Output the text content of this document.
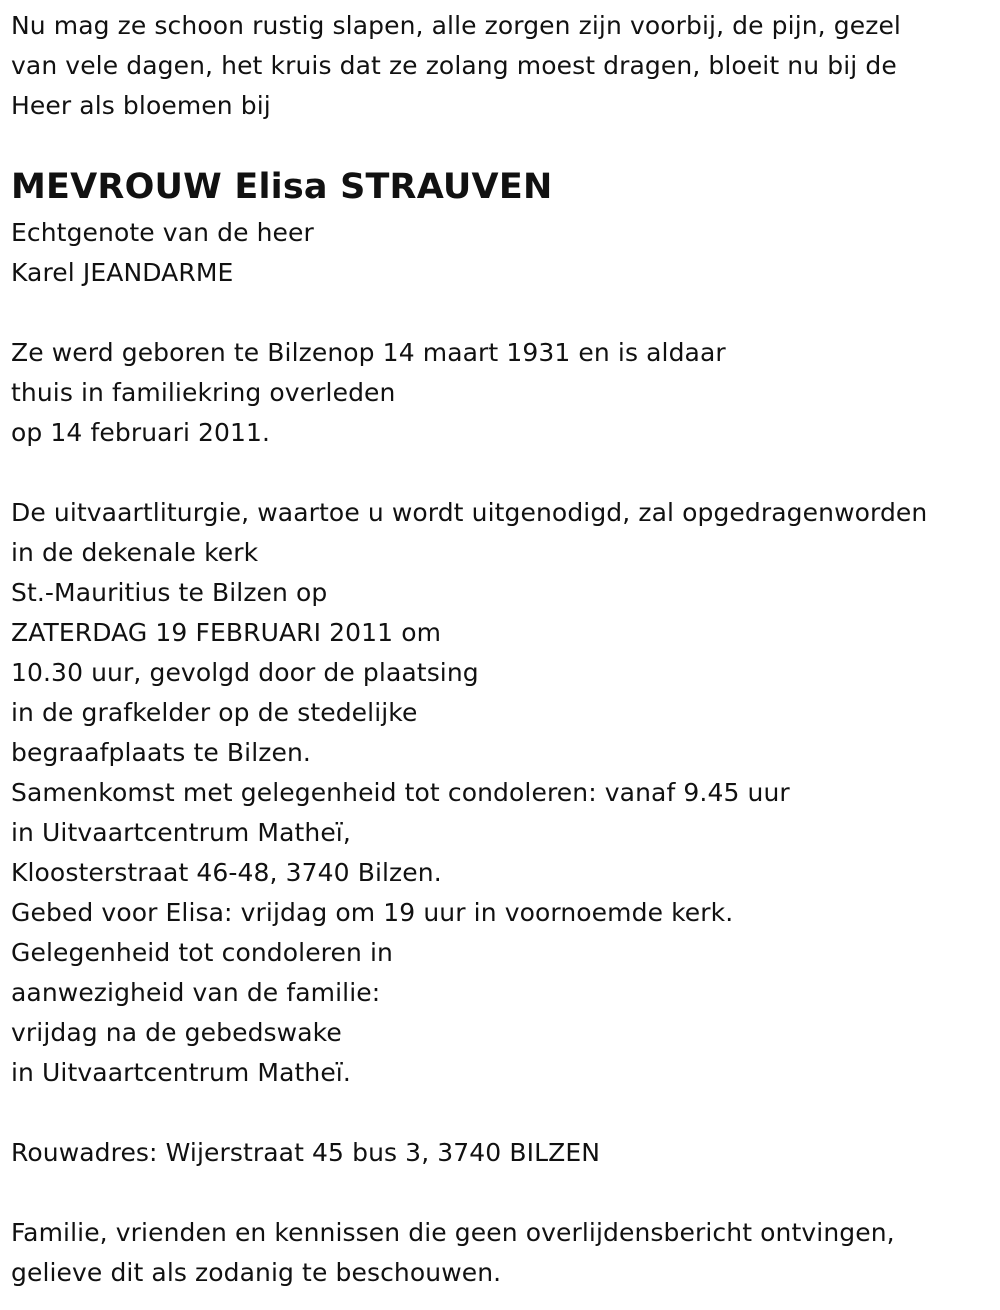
Nu mag ze schoon rustig slapen, alle zorgen zijn voorbij, de pijn, gezel
van vele dagen, het kruis dat ze zolang moest dragen, bloeit nu bij de
Heer als bloemen bij
MEVROUW Elisa STRAUVEN
Echtgenote van de heer
Karel JEANDARME
Ze werd geboren te Bilzenop 14 maart 1931 en is aldaar
thuis in familiekring overleden
op 14 februari 2011.
De uitvaartliturgie, waartoe u wordt uitgenodigd, zal opgedragenworden
in de dekenale kerk
St.-Mauritius te Bilzen op
ZATERDAG 19 FEBRUARI 2011 om
10.30 uur, gevolgd door de plaatsing
in de grafkelder op de stedelijke
begraafplaats te Bilzen.
Samenkomst met gelegenheid tot condoleren: vanaf 9.45 uur
in Uitvaartcentrum Matheï,
Kloosterstraat 46-48, 3740 Bilzen.
Gebed voor Elisa: vrijdag om 19 uur in voornoemde kerk.
Gelegenheid tot condoleren in
aanwezigheid van de familie:
vrijdag na de gebedswake
in Uitvaartcentrum Matheï.
Rouwadres: Wijerstraat 45 bus 3, 3740 BILZEN
Familie, vrienden en kennissen die geen overlijdensbericht ontvingen,
gelieve dit als zodanig te beschouwen.
